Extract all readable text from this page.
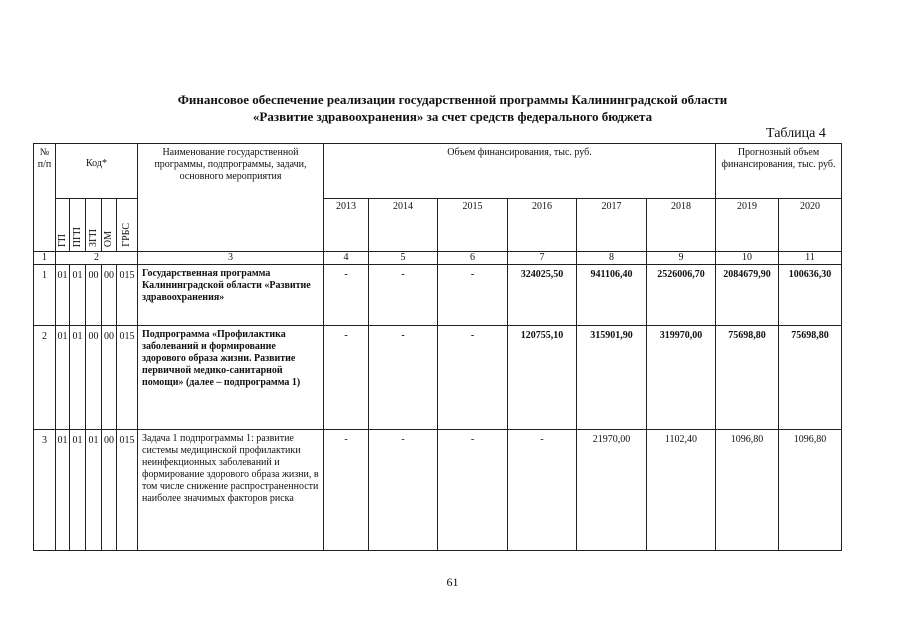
Финансовое обеспечение реализации государственной программы Калининградской области
«Развитие здравоохранения» за счет средств федерального бюджета
Таблица 4
№ п/п	Код*					Наименование государственной программы, подпрограммы, задачи, основного мероприятия	Объем финансирования, тыс. руб.						Прогнозный объем финансирования, тыс. руб.	
	ГП	ПГП	ЗГП	ОМ	ГРБС		2013	2014	2015	2016	2017	2018	2019	2020
1	2					3	4	5	6	7	8	9	10	11
1	01	01	00	00	015	Государственная программа Калининградской области «Развитие здравоохранения»	-	-	-	324025,50	941106,40	2526006,70	2084679,90	100636,30
2	01	01	00	00	015	Подпрограмма «Профилактика заболеваний и формирование здорового образа жизни. Развитие первичной медико-санитарной помощи» (далее – подпрограмма 1)	-	-	-	120755,10	315901,90	319970,00	75698,80	75698,80
3	01	01	01	00	015	Задача 1 подпрограммы 1: развитие системы медицинской профилактики неинфекционных заболеваний и формирование здорового образа жизни, в том числе снижение распространенности наиболее значимых факторов риска	-	-	-	-	21970,00	1102,40	1096,80	1096,80
61
